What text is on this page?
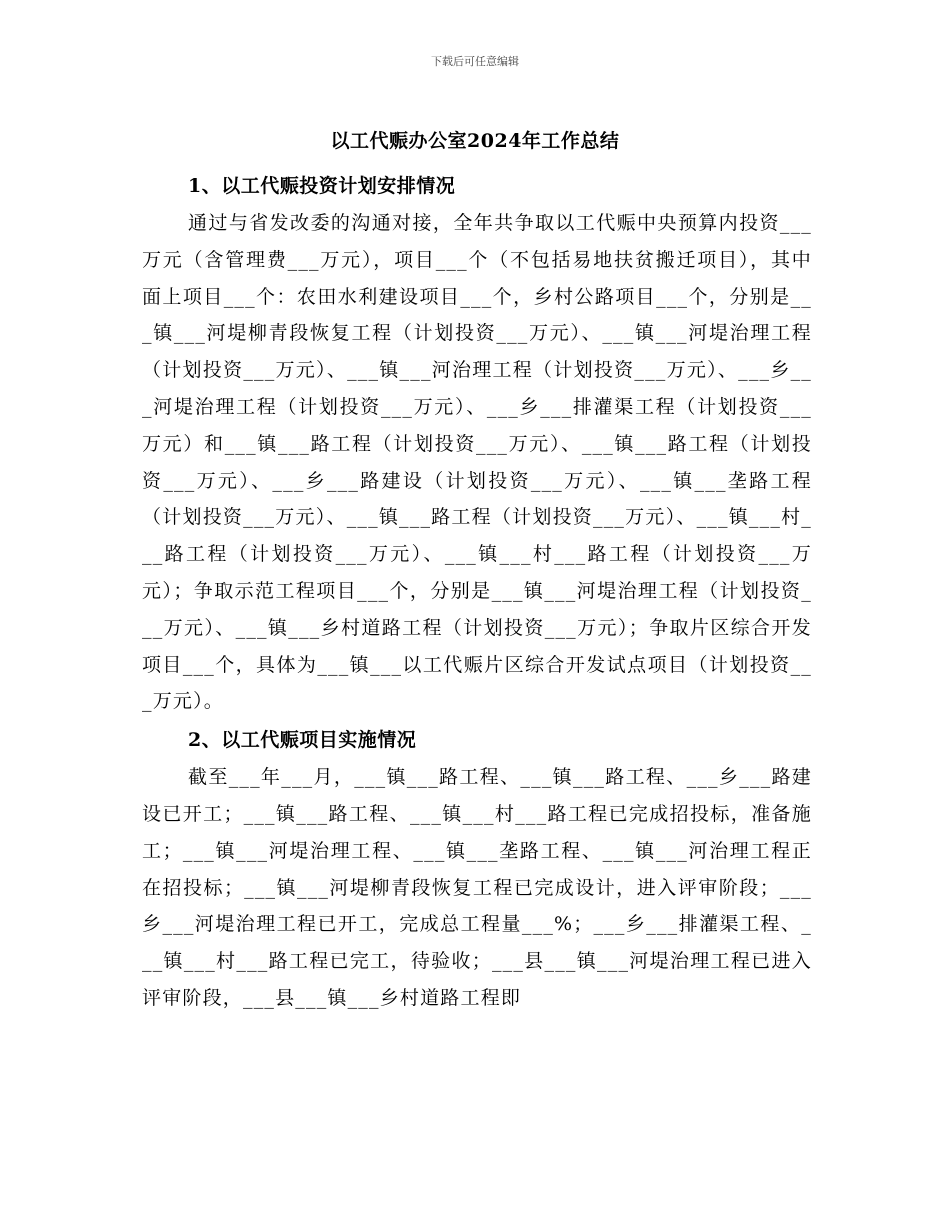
下载后可任意编辑
以工代赈办公室2024年工作总结
1、以工代赈投资计划安排情况

通过与省发改委的沟通对接，全年共争取以工代赈中央预算内投资___万元（含管理费___万元），项目___个（不包括易地扶贫搬迁项目），其中面上项目___个：农田水利建设项目___个，乡村公路项目___个，分别是___镇___河堤柳青段恢复工程（计划投资___万元）、___镇___河堤治理工程（计划投资___万元）、___镇___河治理工程（计划投资___万元）、___乡___河堤治理工程（计划投资___万元）、___乡___排灌渠工程（计划投资___万元）和___镇___路工程（计划投资___万元）、___镇___路工程（计划投资___万元）、___乡___路建设（计划投资___万元）、___镇___垄路工程（计划投资___万元）、___镇___路工程（计划投资___万元）、___镇___村___路工程（计划投资___万元）、___镇___村___路工程（计划投资___万元）；争取示范工程项目___个，分别是___镇___河堤治理工程（计划投资___万元）、___镇___乡村道路工程（计划投资___万元）；争取片区综合开发项目___个，具体为___镇___以工代赈片区综合开发试点项目（计划投资___万元）。

2、以工代赈项目实施情况

截至___年___月，___镇___路工程、___镇___路工程、___乡___路建设已开工；___镇___路工程、___镇___村___路工程已完成招投标，准备施工；___镇___河堤治理工程、___镇___垄路工程、___镇___河治理工程正在招投标；___镇___河堤柳青段恢复工程已完成设计，进入评审阶段；___乡___河堤治理工程已开工，完成总工程量___%；___乡___排灌渠工程、___镇___村___路工程已完工，待验收；___县___镇___河堤治理工程已进入评审阶段，___县___镇___乡村道路工程即
